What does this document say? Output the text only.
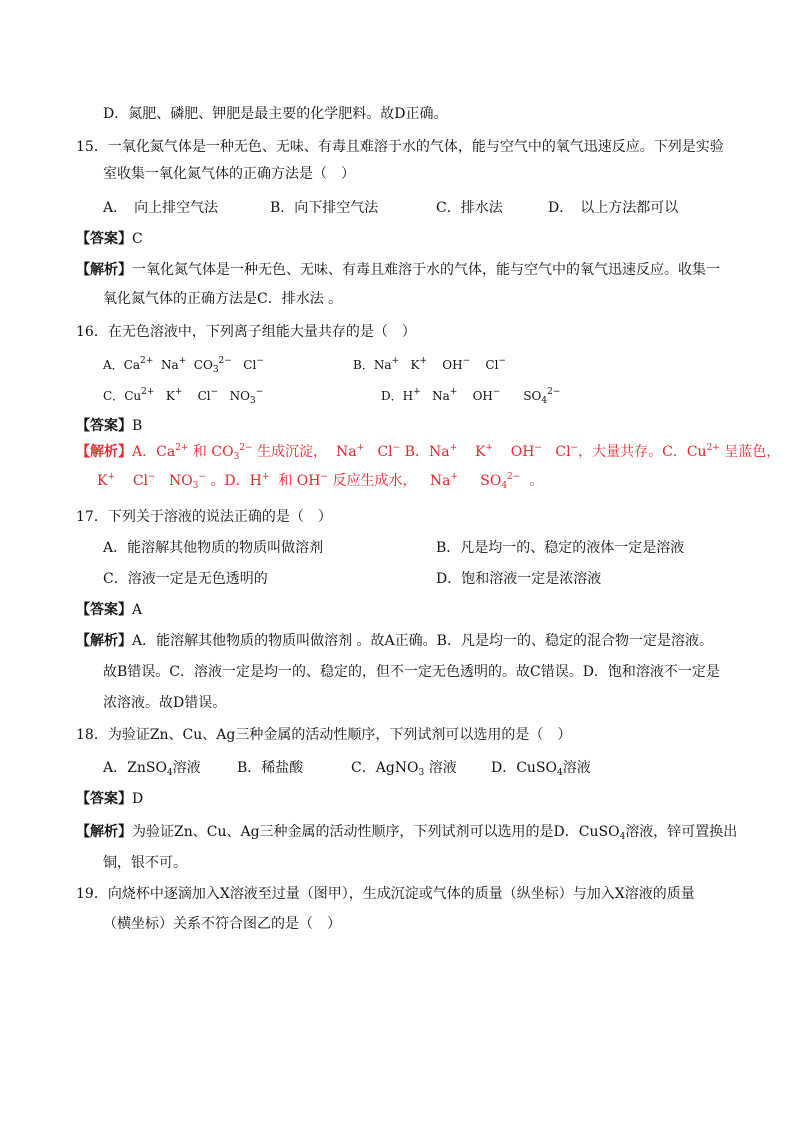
D．氮肥、磷肥、钾肥是最主要的化学肥料。故D正确。
15．一氧化氮气体是一种无色、无味、有毒且难溶于水的气体，能与空气中的氧气迅速反应。下列是实验
室收集一氧化氮气体的正确方法是（　）
A．　向上排空气法	B．向下排空气法	C．排水法	D．　以上方法都可以
【答案】C
【解析】一氧化氮气体是一种无色、无味、有毒且难溶于水的气体，能与空气中的氧气迅速反应。收集一
氧化氮气体的正确方法是C．排水法 。
16．在无色溶液中，下列离子组能大量共存的是（　）
A．$Ca^{2+}$ Na+ $CO_3^{2-}$ Cl−	B．Na+ K+ OH− Cl−
C．$Cu^{2+}$ K+ Cl− $NO_3^-$	D．H+ Na+ OH− $SO_4^{2-}$
【答案】B
【解析】A．$Ca^{2+}$ 和 $CO_3^{2-}$ 生成沉淀， Na+ Cl− B．Na+ K+ OH− Cl−，大量共存。C．$Cu^{2+}$ 呈蓝色，
K+ Cl− $NO_3^-$ 。D．H+ 和 OH− 反应生成水， Na+ $SO_4^{2-}$ 。
17．下列关于溶液的说法正确的是（　）
A．能溶解其他物质的物质叫做溶剂	B．凡是均一的、稳定的液体一定是溶液
C．溶液一定是无色透明的	D．饱和溶液一定是浓溶液
【答案】A
【解析】A．能溶解其他物质的物质叫做溶剂 。故A正确。B．凡是均一的、稳定的混合物一定是溶液。
故B错误。C．溶液一定是均一的、稳定的，但不一定无色透明的。故C错误。D．饱和溶液不一定是
浓溶液。故D错误。
18．为验证Zn、Cu、Ag三种金属的活动性顺序，下列试剂可以选用的是（　）
A．ZnSO$_4$溶液	B．稀盐酸	C．AgNO$_3$ 溶液 D．CuSO$_4$溶液
【答案】D
【解析】为验证Zn、Cu、Ag三种金属的活动性顺序，下列试剂可以选用的是D．CuSO$_4$溶液，锌可置换出
铜，银不可。
19．向烧杯中逐滴加入X溶液至过量（图甲），生成沉淀或气体的质量（纵坐标）与加入X溶液的质量
（横坐标）关系不符合图乙的是（　）
